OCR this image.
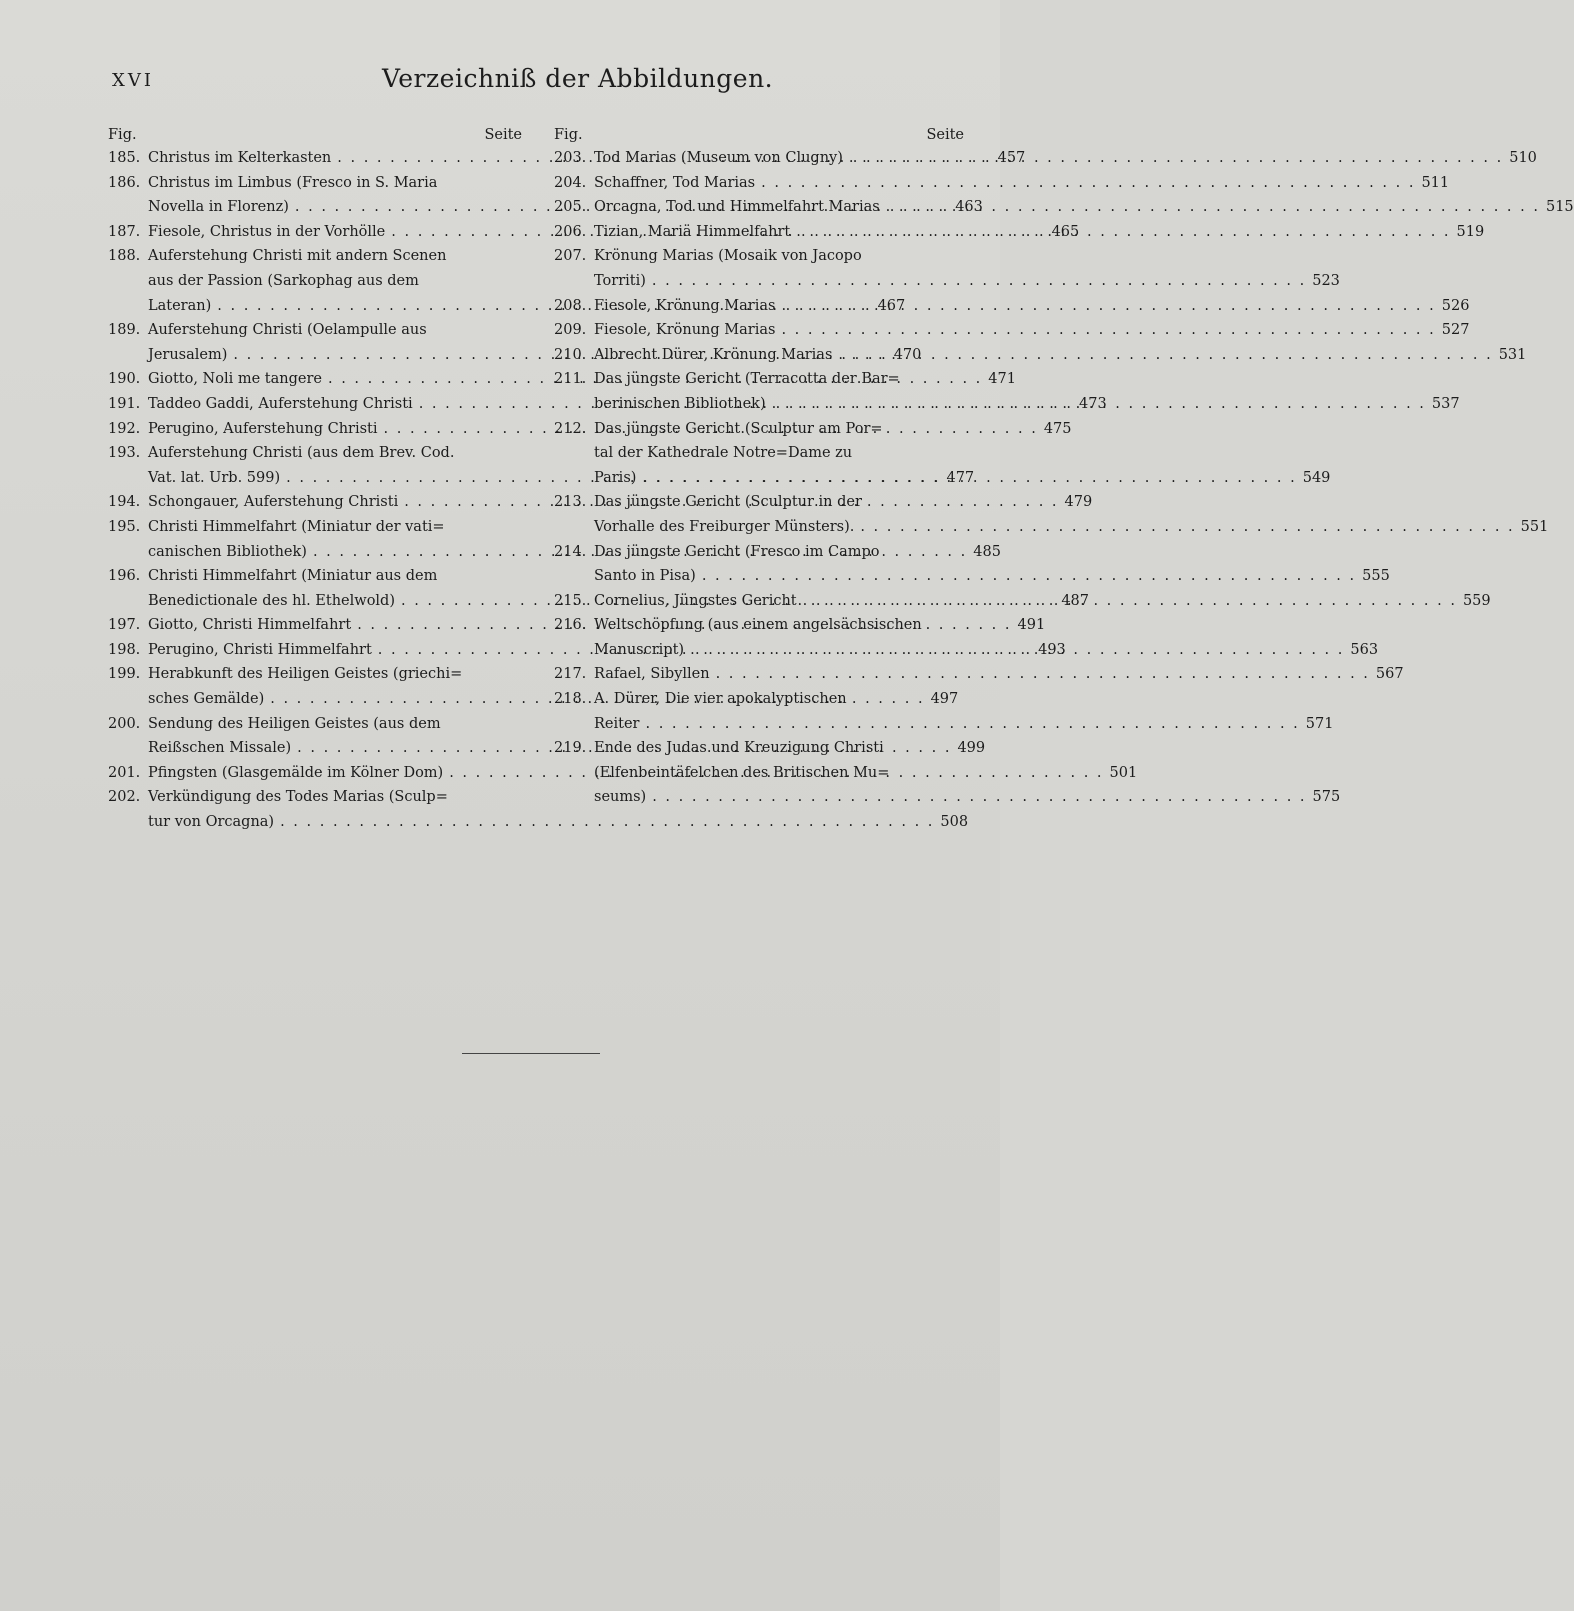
XVI	Verzeichniß der Abbildungen.
Fig.	Seite
185. Christus im Kelterkasten . . .	457
186. Christus im Limbus (Fresco in S. Maria
Novella in Florenz) . . .	463
187. Fiesole, Christus in der Vorhölle . . .	465
188. Auferstehung Christi mit andern Scenen
aus der Passion (Sarkophag aus dem
Lateran) . . .	467
189. Auferstehung Christi (Oelampulle aus
Jerusalem) . . .	470
190. Giotto, Noli me tangere . . .	471
191. Taddeo Gaddi, Auferstehung Christi . . .	473
192. Perugino, Auferstehung Christi . . .	475
193. Auferstehung Christi (aus dem Brev. Cod.
Vat. lat. Urb. 599) . . .	477
194. Schongauer, Auferstehung Christi . . .	479
195. Christi Himmelfahrt (Miniatur der vati=
canischen Bibliothek) . . .	485
196. Christi Himmelfahrt (Miniatur aus dem
Benedictionale des hl. Ethelwold) . . .	487
197. Giotto, Christi Himmelfahrt . . .	491
198. Perugino, Christi Himmelfahrt . . .	493
199. Herabkunft des Heiligen Geistes (griechi=
sches Gemälde) . . .	497
200. Sendung des Heiligen Geistes (aus dem
Reißschen Missale) . . .	499
201. Pfingsten (Glasgemälde im Kölner Dom) . . .	501
202. Verkündigung des Todes Marias (Sculp=
tur von Orcagna) . . .	508
Fig.	Seite
203. Tod Marias (Museum von Clugny) . . .	510
204. Schaffner, Tod Marias . . .	511
205. Orcagna, Tod und Himmelfahrt Marias . . .	515
206. Tizian, Mariä Himmelfahrt . . .	519
207. Krönung Marias (Mosaik von Jacopo
Torriti) . . .	523
208. Fiesole, Krönung Marias . . .	526
209. Fiesole, Krönung Marias . . .	527
210. Albrecht Dürer, Krönung Marias . . .	531
211. Das jüngste Gericht (Terracotta der Bar=
berinischen Bibliothek) . . .	537
212. Das jüngste Gericht (Sculptur am Por=
tal der Kathedrale Notre=Dame zu
Paris) . . .	549
213. Das jüngste Gericht (Sculptur in der
Vorhalle des Freiburger Münsters). . . .	551
214. Das jüngste Gericht (Fresco im Campo
Santo in Pisa) . . .	555
215. Cornelius, Jüngstes Gericht . . .	559
216. Weltschöpfung (aus einem angelsächsischen
Manuscript) . . .	563
217. Rafael, Sibyllen . . .	567
218. A. Dürer, Die vier apokalyptischen
Reiter . . .	571
219. Ende des Judas und Kreuzigung Christi
(Elfenbeintäfelchen des Britischen Mu=
seums) . . .	575
